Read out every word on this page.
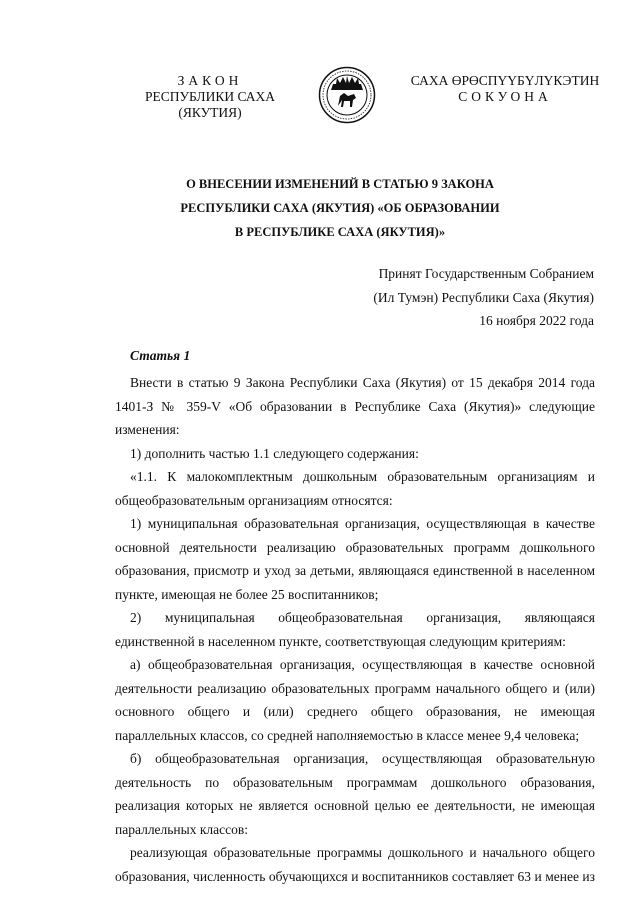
ЗАКОН
РЕСПУБЛИКИ САХА (ЯКУТИЯ)
САХА ӨРӨСПҮҮБҮЛҮКЭТИН
СОКУОНА
О ВНЕСЕНИИ ИЗМЕНЕНИЙ В СТАТЬЮ 9 ЗАКОНА
РЕСПУБЛИКИ САХА (ЯКУТИЯ) «ОБ ОБРАЗОВАНИИ
В РЕСПУБЛИКЕ САХА (ЯКУТИЯ)»
Принят Государственным Собранием
(Ил Тумэн) Республики Саха (Якутия)
16 ноября 2022 года
Статья 1

Внести в статью 9 Закона Республики Саха (Якутия) от 15 декабря 2014 года 1401-З № 359-V «Об образовании в Республике Саха (Якутия)» следующие изменения:

1) дополнить частью 1.1 следующего содержания:

«1.1. К малокомплектным дошкольным образовательным организациям и общеобразовательным организациям относятся:

1) муниципальная образовательная организация, осуществляющая в качестве основной деятельности реализацию образовательных программ дошкольного образования, присмотр и уход за детьми, являющаяся единственной в населенном пункте, имеющая не более 25 воспитанников;

2) муниципальная общеобразовательная организация, являющаяся единственной в населенном пункте, соответствующая следующим критериям:

а) общеобразовательная организация, осуществляющая в качестве основной деятельности реализацию образовательных программ начального общего и (или) основного общего и (или) среднего общего образования, не имеющая параллельных классов, со средней наполняемостью в классе менее 9,4 человека;

б) общеобразовательная организация, осуществляющая образовательную деятельность по образовательным программам дошкольного образования, реализация которых не является основной целью ее деятельности, не имеющая параллельных классов:

реализующая образовательные программы дошкольного и начального общего образования, численность обучающихся и воспитанников составляет 63 и менее из
